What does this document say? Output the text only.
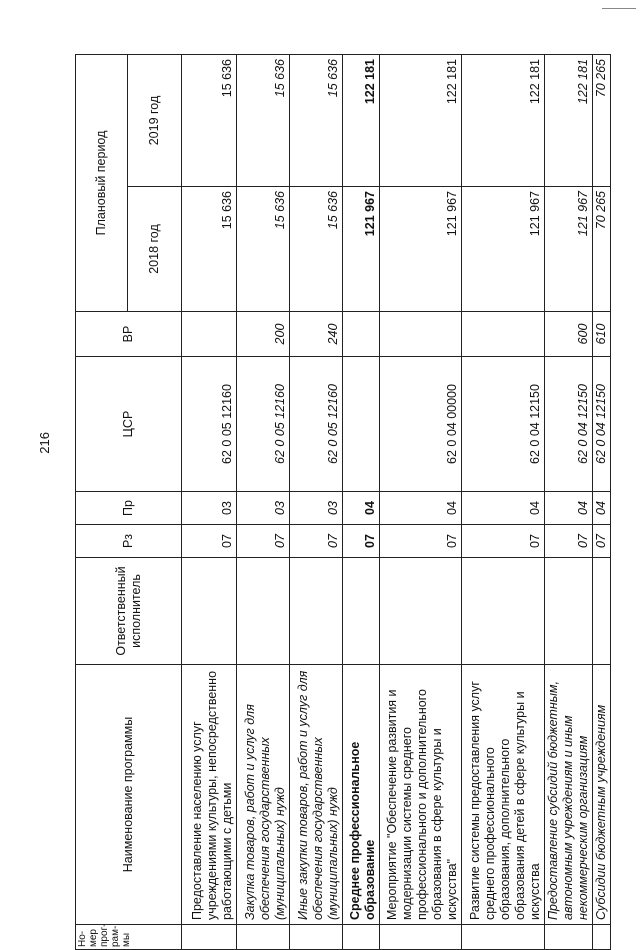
216
Но-
мер
прог-
рам-
мы	Наименование программы	Ответственный исполнитель	Рз	Пр	ЦСР	ВР	Плановый период	
							2018 год	2019 год
	Предоставление населению услуг учреждениями культуры, непосредственно работающими с детьми		07	03	62 0 05 12160		15 636	15 636
	Закупка товаров, работ и услуг для обеспечения государственных (муниципальных) нужд		07	03	62 0 05 12160	200	15 636	15 636
	Иные закупки товаров, работ и услуг для обеспечения государственных (муниципальных) нужд		07	03	62 0 05 12160	240	15 636	15 636
	Среднее профессиональное образование		07	04			121 967	122 181
	Мероприятие "Обеспечение развития и модернизации системы среднего профессионального и дополнительного образования в сфере культуры и искусства"		07	04	62 0 04 00000		121 967	122 181
	Развитие системы предоставления услуг среднего профессионального образования, дополнительного образования детей в сфере культуры и искусства		07	04	62 0 04 12150		121 967	122 181
	Предоставление субсидий бюджетным, автономным учреждениям и иным некоммерческим организациям		07	04	62 0 04 12150	600	121 967	122 181
	Субсидии бюджетным учреждениям		07	04	62 0 04 12150	610	70 265	70 265
